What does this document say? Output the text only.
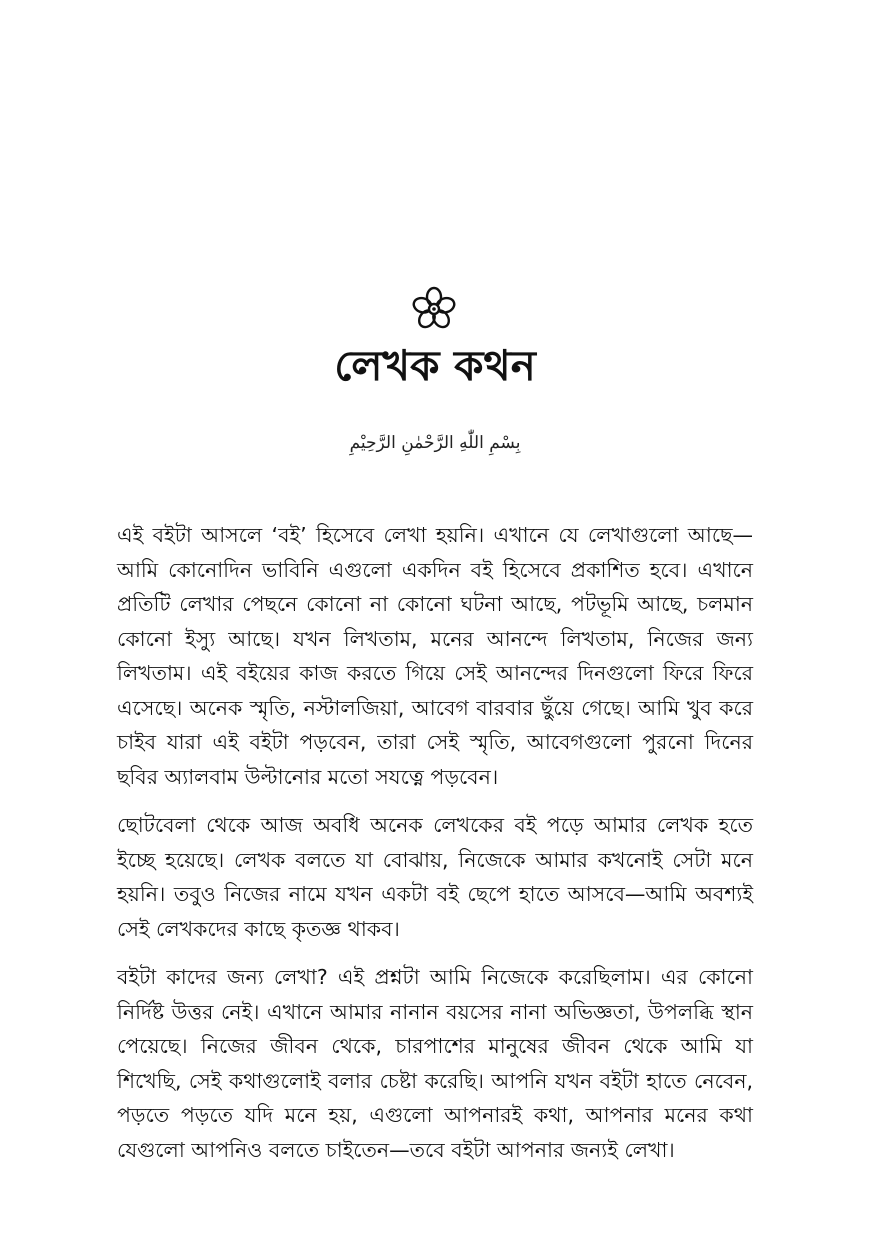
লেখক কথন
بِسْمِ اللّٰهِ الرَّحْمٰنِ الرَّحِيْمِ

এই বইটা আসলে ‘বই’ হিসেবে লেখা হয়নি। এখানে যে লেখাগুলো আছে—আমি কোনোদিন ভাবিনি এগুলো একদিন বই হিসেবে প্রকাশিত হবে। এখানে প্রতিটি লেখার পেছনে কোনো না কোনো ঘটনা আছে, পটভূমি আছে, চলমান কোনো ইস্যু আছে। যখন লিখতাম, মনের আনন্দে লিখতাম, নিজের জন্য লিখতাম। এই বইয়ের কাজ করতে গিয়ে সেই আনন্দের দিনগুলো ফিরে ফিরে এসেছে। অনেক স্মৃতি, নস্টালজিয়া, আবেগ বারবার ছুঁয়ে গেছে। আমি খুব করে চাইব যারা এই বইটা পড়বেন, তারা সেই স্মৃতি, আবেগগুলো পুরনো দিনের ছবির অ্যালবাম উল্টানোর মতো সযত্নে পড়বেন।

ছোটবেলা থেকে আজ অবধি অনেক লেখকের বই পড়ে আমার লেখক হতে ইচ্ছে হয়েছে। লেখক বলতে যা বোঝায়, নিজেকে আমার কখনোই সেটা মনে হয়নি। তবুও নিজের নামে যখন একটা বই ছেপে হাতে আসবে—আমি অবশ্যই সেই লেখকদের কাছে কৃতজ্ঞ থাকব।

বইটা কাদের জন্য লেখা? এই প্রশ্নটা আমি নিজেকে করেছিলাম। এর কোনো নির্দিষ্ট উত্তর নেই। এখানে আমার নানান বয়সের নানা অভিজ্ঞতা, উপলব্ধি স্থান পেয়েছে। নিজের জীবন থেকে, চারপাশের মানুষের জীবন থেকে আমি যা শিখেছি, সেই কথাগুলোই বলার চেষ্টা করেছি। আপনি যখন বইটা হাতে নেবেন, পড়তে পড়তে যদি মনে হয়, এগুলো আপনারই কথা, আপনার মনের কথা যেগুলো আপনিও বলতে চাইতেন—তবে বইটা আপনার জন্যই লেখা।
